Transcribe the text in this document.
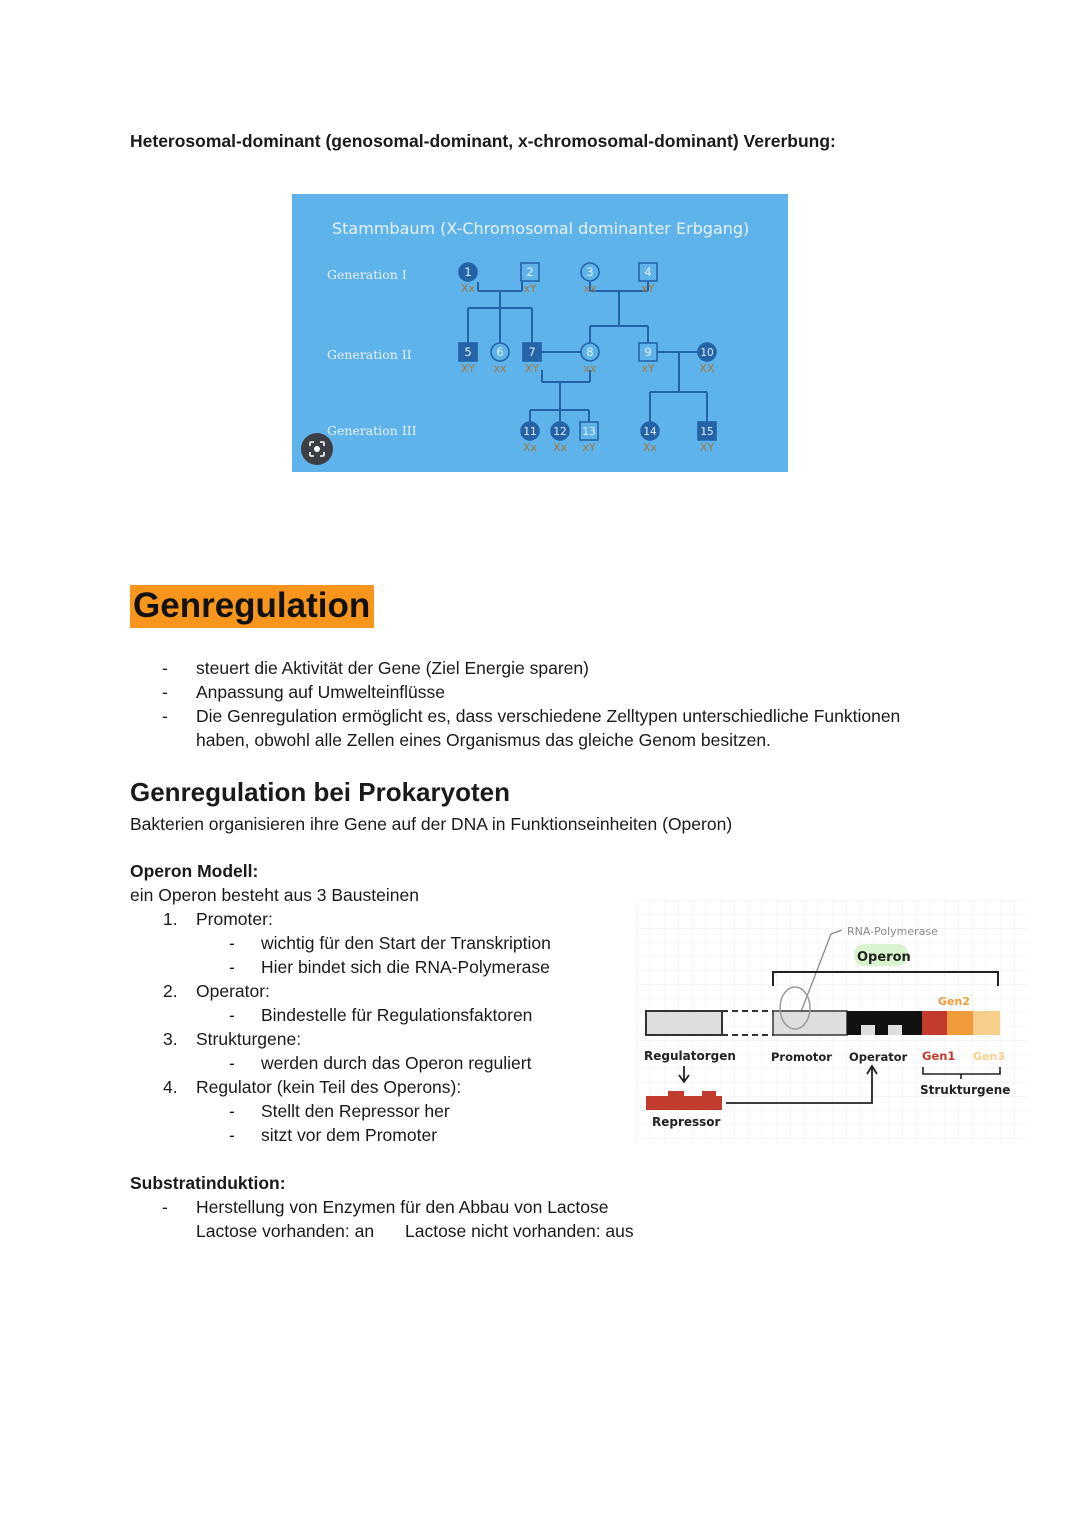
Heterosomal-dominant (genosomal-dominant, x-chromosomal-dominant) Vererbung:
Stammbaum (X-Chromosomal dominanter Erbgang)
Generation I
Generation II
Generation III
1
Xx
2
xY
3
xx
4
xY
5
XY
6
xx
7
XY
8
xx
9
xY
10
XX
11
Xx
12
Xx
13
xY
14
Xx
15
XY
Genregulation
- steuert die Aktivität der Gene (Ziel Energie sparen)
- Anpassung auf Umwelteinflüsse
- Die Genregulation ermöglicht es, dass verschiedene Zelltypen unterschiedliche Funktionen haben, obwohl alle Zellen eines Organismus das gleiche Genom besitzen.
Genregulation bei Prokaryoten
Bakterien organisieren ihre Gene auf der DNA in Funktionseinheiten (Operon)
Operon Modell:
ein Operon besteht aus 3 Bausteinen
1. Promoter:
- wichtig für den Start der Transkription
- Hier bindet sich die RNA-Polymerase
2. Operator:
- Bindestelle für Regulationsfaktoren
3. Strukturgene:
- werden durch das Operon reguliert
4. Regulator (kein Teil des Operons):
- Stellt den Repressor her
- sitzt vor dem Promoter
RNA-Polymerase
Operon
Gen2
Regulatorgen	Promotor Operator Gen1 Gen3
Strukturgene
Repressor
Substratinduktion:
- Herstellung von Enzymen für den Abbau von Lactose
Lactose vorhanden: an Lactose nicht vorhanden: aus
